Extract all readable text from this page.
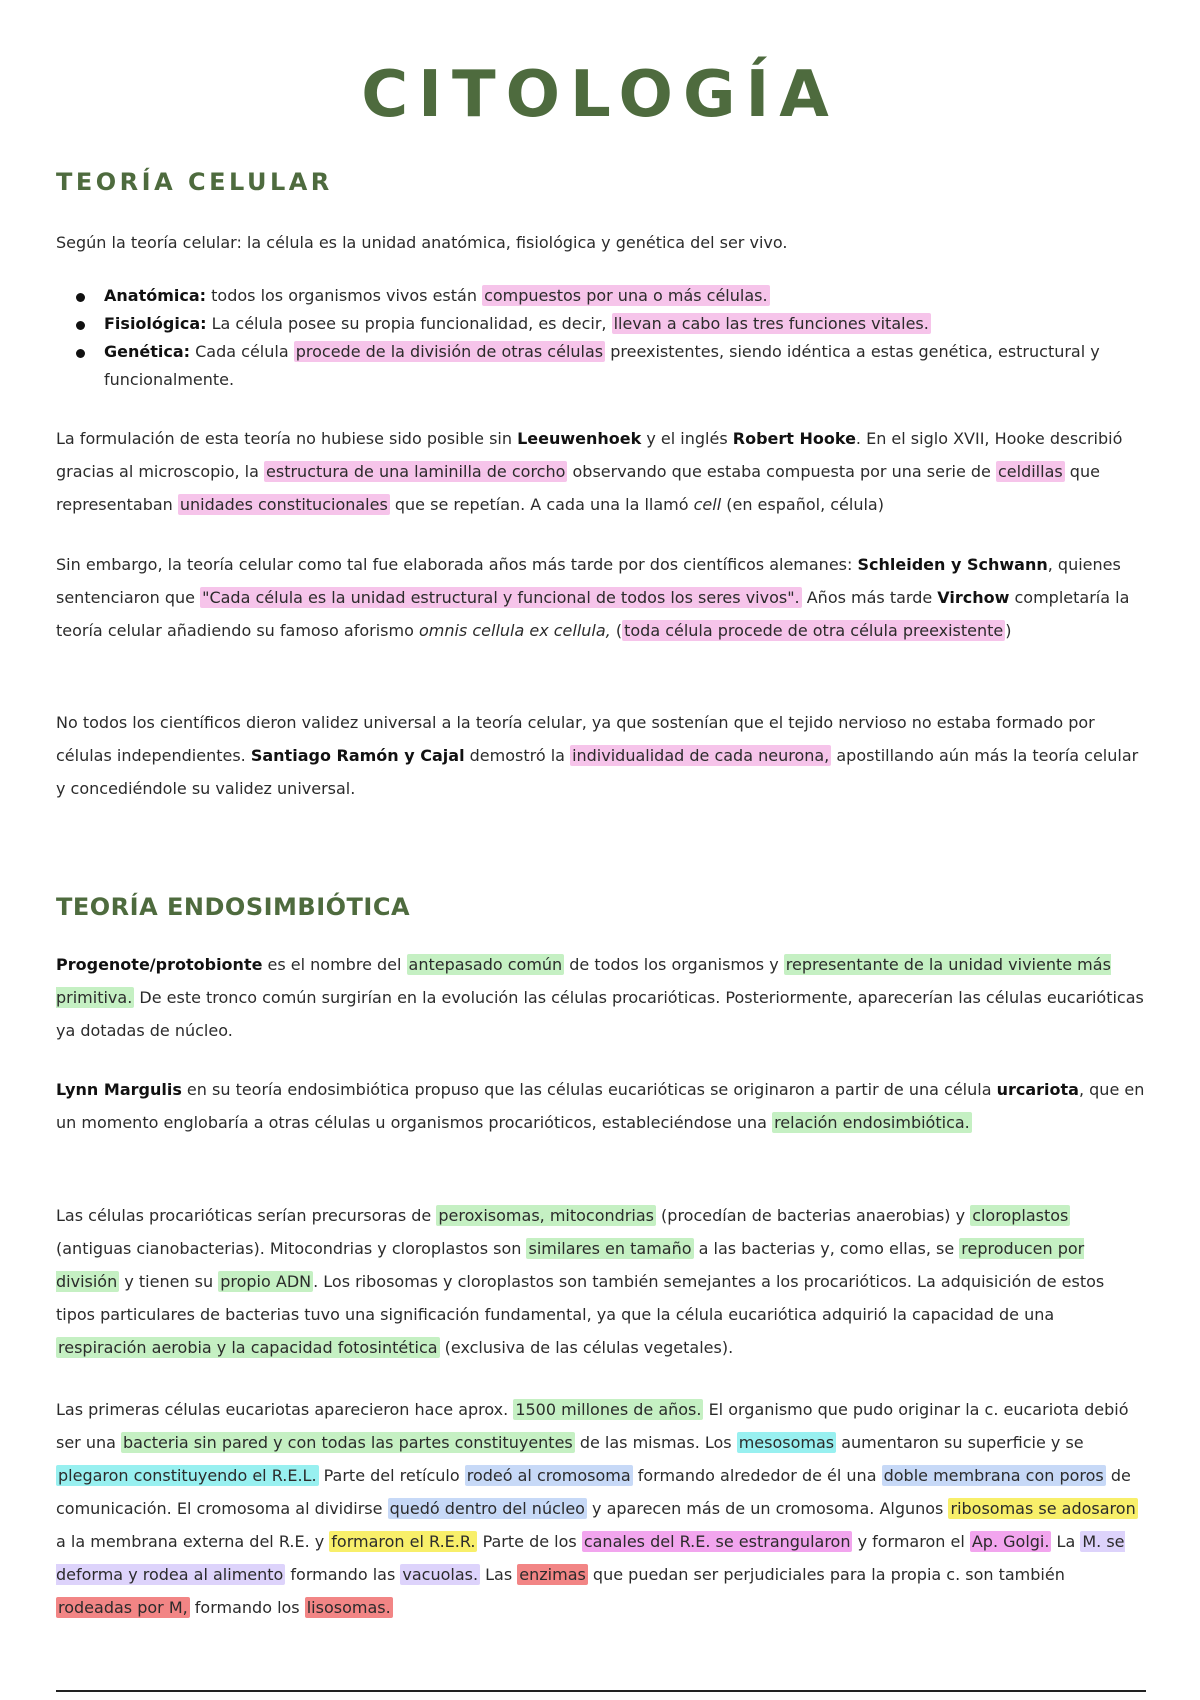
CITOLOGÍA
TEORÍA CELULAR

Según la teoría celular: la célula es la unidad anatómica, fisiológica y genética del ser vivo.

Anatómica: todos los organismos vivos están compuestos por una o más células.
Fisiológica: La célula posee su propia funcionalidad, es decir, llevan a cabo las tres funciones vitales.
Genética: Cada célula procede de la división de otras células preexistentes, siendo idéntica a estas genética, estructural y funcionalmente.

La formulación de esta teoría no hubiese sido posible sin Leeuwenhoek y el inglés Robert Hooke. En el siglo XVII, Hooke describió gracias al microscopio, la estructura de una laminilla de corcho observando que estaba compuesta por una serie de celdillas que representaban unidades constitucionales que se repetían. A cada una la llamó cell (en español, célula)

Sin embargo, la teoría celular como tal fue elaborada años más tarde por dos científicos alemanes: Schleiden y Schwann, quienes sentenciaron que "Cada célula es la unidad estructural y funcional de todos los seres vivos". Años más tarde Virchow completaría la teoría celular añadiendo su famoso aforismo omnis cellula ex cellula, ( toda célula procede de otra célula preexistente )

No todos los científicos dieron validez universal a la teoría celular, ya que sostenían que el tejido nervioso no estaba formado por células independientes. Santiago Ramón y Cajal demostró la individualidad de cada neurona, apostillando aún más la teoría celular y concediéndole su validez universal.

TEORÍA ENDOSIMBIÓTICA

Progenote/protobionte es el nombre del antepasado común de todos los organismos y representante de la unidad viviente más primitiva. De este tronco común surgirían en la evolución las células procarióticas. Posteriormente, aparecerían las células eucarióticas ya dotadas de núcleo.

Lynn Margulis en su teoría endosimbiótica propuso que las células eucarióticas se originaron a partir de una célula urcariota, que en un momento englobaría a otras células u organismos procarióticos, estableciéndose una relación endosimbiótica.

Las células procarióticas serían precursoras de peroxisomas, mitocondrias (procedían de bacterias anaerobias) y cloroplastos (antiguas cianobacterias). Mitocondrias y cloroplastos son similares en tamaño a las bacterias y, como ellas, se reproducen por división y tienen su propio ADN . Los ribosomas y cloroplastos son también semejantes a los procarióticos. La adquisición de estos tipos particulares de bacterias tuvo una significación fundamental, ya que la célula eucariótica adquirió la capacidad de una respiración aerobia y la capacidad fotosintética (exclusiva de las células vegetales).

Las primeras células eucariotas aparecieron hace aprox. 1500 millones de años. El organismo que pudo originar la c. eucariota debió ser una bacteria sin pared y con todas las partes constituyentes de las mismas. Los mesosomas aumentaron su superficie y se plegaron constituyendo el R.E.L. Parte del retículo rodeó al cromosoma formando alrededor de él una doble membrana con poros de comunicación. El cromosoma al dividirse quedó dentro del núcleo y aparecen más de un cromosoma. Algunos ribosomas se adosaron a la membrana externa del R.E. y formaron el R.E.R. Parte de los canales del R.E. se estrangularon y formaron el Ap. Golgi. La M. se deforma y rodea al alimento formando las vacuolas. Las enzimas que puedan ser perjudiciales para la propia c. son también rodeadas por M, formando los lisosomas.
